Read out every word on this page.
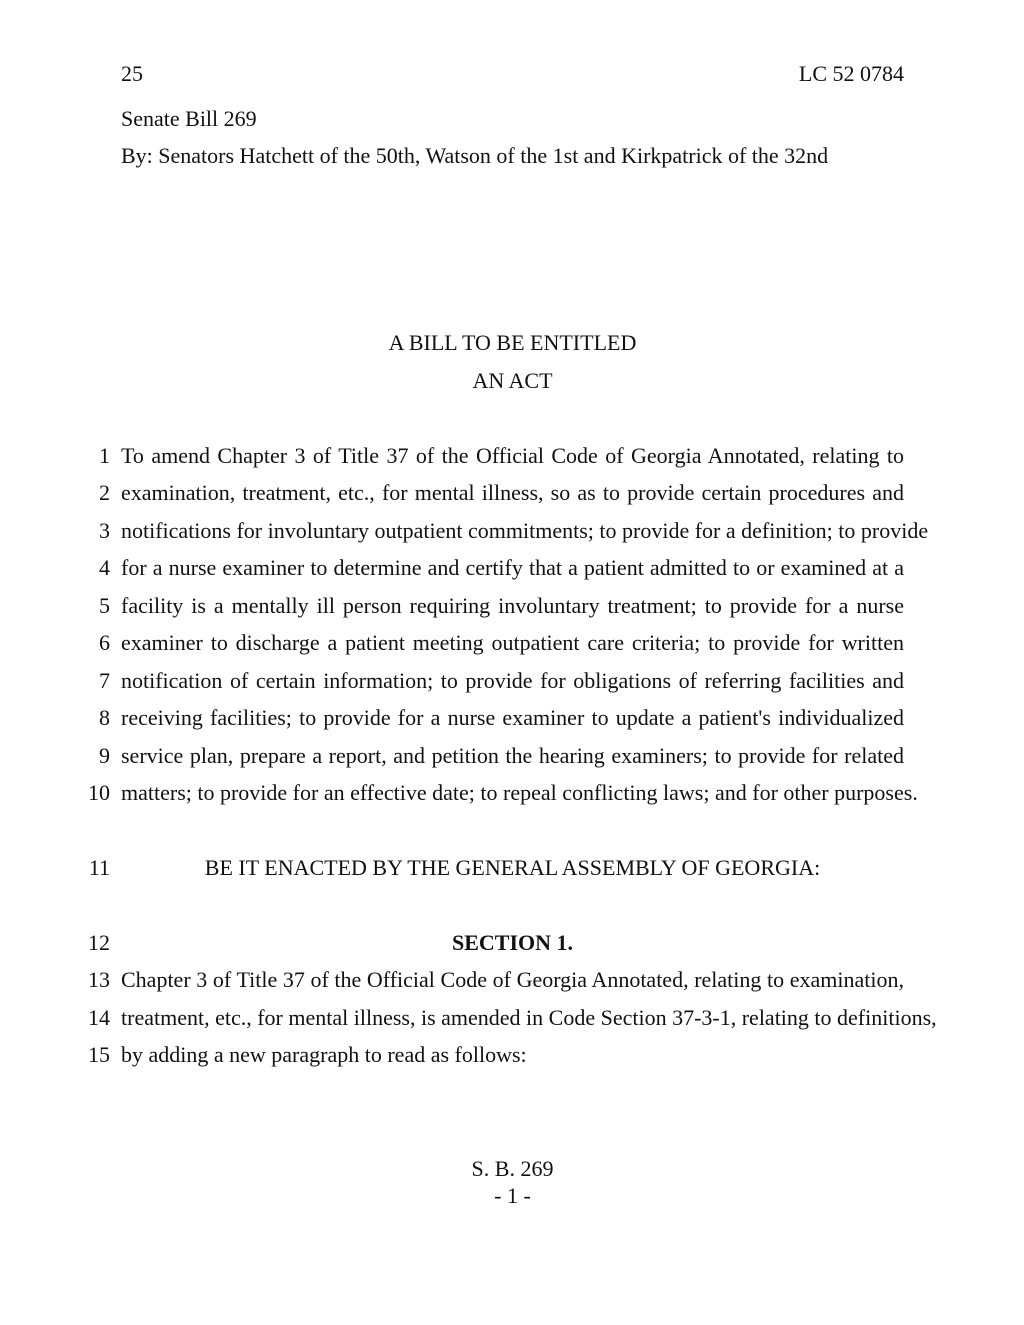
25	LC 52 0784
Senate Bill 269
By: Senators Hatchett of the 50th, Watson of the 1st and Kirkpatrick of the 32nd
A BILL TO BE ENTITLED
AN ACT
1 To amend Chapter 3 of Title 37 of the Official Code of Georgia Annotated, relating to
2 examination, treatment, etc., for mental illness, so as to provide certain procedures and
3 notifications for involuntary outpatient commitments; to provide for a definition; to provide
4 for a nurse examiner to determine and certify that a patient admitted to or examined at a
5 facility is a mentally ill person requiring involuntary treatment; to provide for a nurse
6 examiner to discharge a patient meeting outpatient care criteria; to provide for written
7 notification of certain information; to provide for obligations of referring facilities and
8 receiving facilities; to provide for a nurse examiner to update a patient's individualized
9 service plan, prepare a report, and petition the hearing examiners; to provide for related
10 matters; to provide for an effective date; to repeal conflicting laws; and for other purposes.
11	BE IT ENACTED BY THE GENERAL ASSEMBLY OF GEORGIA:
12	SECTION 1.
13 Chapter 3 of Title 37 of the Official Code of Georgia Annotated, relating to examination,
14 treatment, etc., for mental illness, is amended in Code Section 37-3-1, relating to definitions,
15 by adding a new paragraph to read as follows:
S. B. 269
- 1 -
